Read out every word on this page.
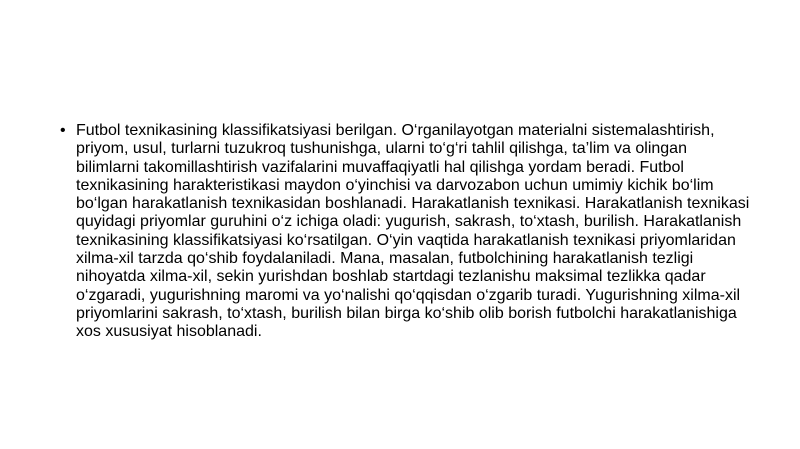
• Futbol texnikasining klassifikatsiyasi berilgan. O‘rganilayotgan materialni sistemalashtirish, priyom, usul, turlarni tuzukroq tushunishga, ularni to‘g‘ri tahlil qilishga, ta’lim va olingan bilimlarni takomillashtirish vazifalarini muvaffaqiyatli hal qilishga yordam beradi. Futbol texnikasining harakteristikasi maydon o‘yinchisi va darvozabon uchun umimiy kichik bo‘lim bo‘lgan harakatlanish texnikasidan boshlanadi. Harakatlanish texnikasi. Harakatlanish texnikasi quyidagi priyomlar guruhini o‘z ichiga oladi: yugurish, sakrash, to‘xtash, burilish. Harakatlanish texnikasining klassifikatsiyasi ko‘rsatilgan. O‘yin vaqtida harakatlanish texnikasi priyomlaridan xilma-xil tarzda qo‘shib foydalaniladi. Mana, masalan, futbolchining harakatlanish tezligi nihoyatda xilma-xil, sekin yurishdan boshlab startdagi tezlanishu maksimal tezlikka qadar o‘zgaradi, yugurishning maromi va yo‘nalishi qo‘qqisdan o‘zgarib turadi. Yugurishning xilma-xil priyomlarini sakrash, to‘xtash, burilish bilan birga ko‘shib olib borish futbolchi harakatlanishiga xos xususiyat hisoblanadi.
